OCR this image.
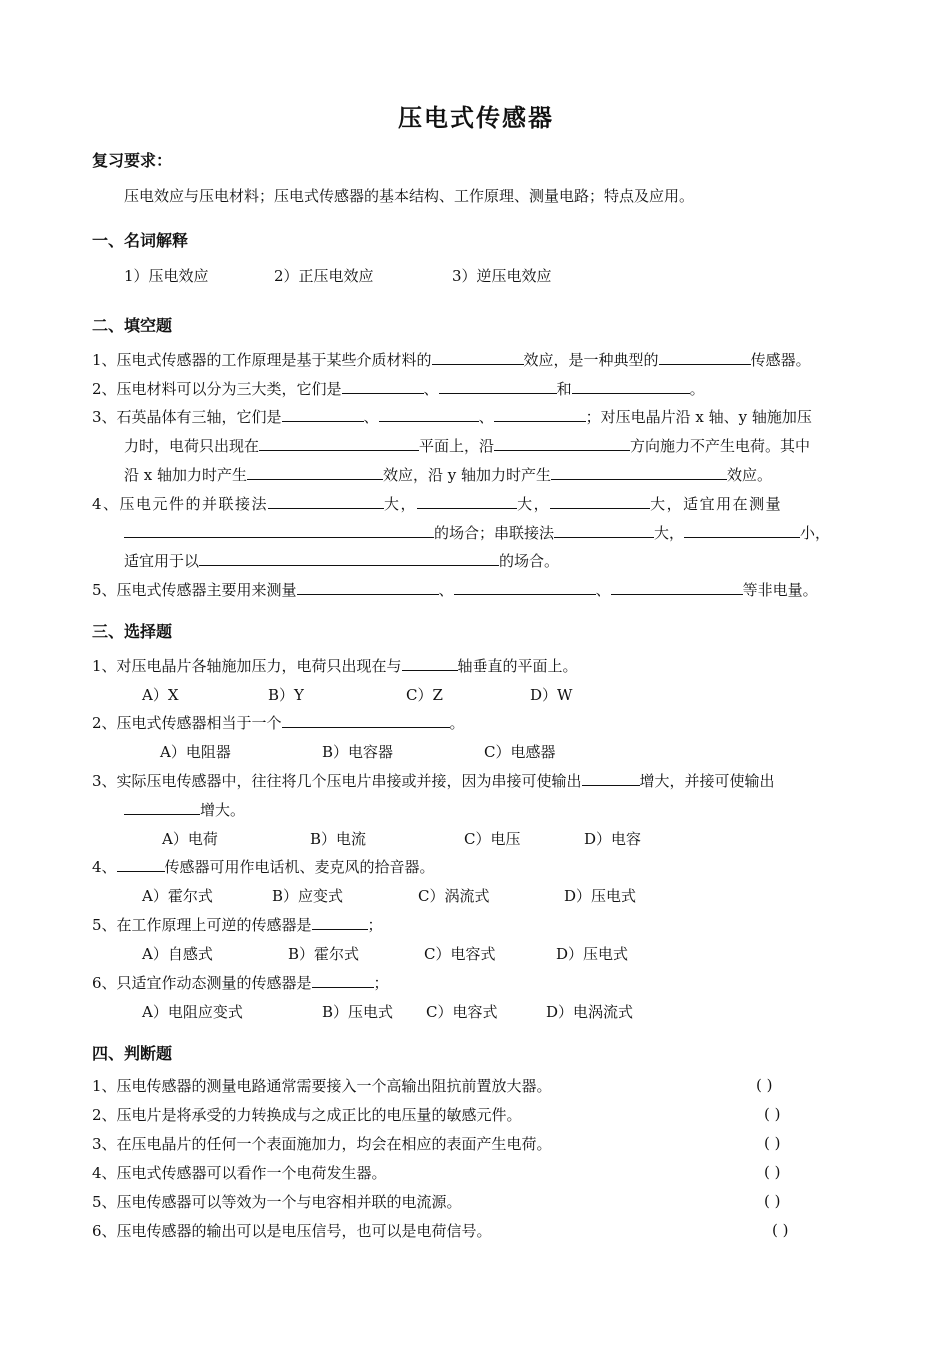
压电式传感器
复习要求：
压电效应与压电材料；压电式传感器的基本结构、工作原理、测量电路；特点及应用。
一、名词解释
1）压电效应	2）正压电效应	3）逆压电效应
二、填空题
1、压电式传感器的工作原理是基于某些介质材料的	效应，是一种典型的	传感器。
2、压电材料可以分为三大类，它们是	、	和	。
3、石英晶体有三轴，它们是	、	、	；对压电晶片沿 x 轴、y 轴施加压
力时，电荷只出现在	平面上，沿	方向施力不产生电荷。其中
沿 x 轴加力时产生	效应，沿 y 轴加力时产生	效应。
4、压电元件的并联接法	大，	大，	大，适宜用在测量
的场合；串联接法	大，	小，
适宜用于以	的场合。
5、压电式传感器主要用来测量	、	、	等非电量。
三、选择题
1、对压电晶片各轴施加压力，电荷只出现在与	轴垂直的平面上。
A）X	B）Y	C）Z	D）W
2、压电式传感器相当于一个	。
A）电阻器	B）电容器	C）电感器
3、实际压电传感器中，往往将几个压电片串接或并接，因为串接可使输出	增大，并接可使输出
增大。
A）电荷	B）电流	C）电压	D）电容
4、	传感器可用作电话机、麦克风的拾音器。
A）霍尔式	B）应变式	C）涡流式	D）压电式
5、在工作原理上可逆的传感器是	；
A）自感式	B）霍尔式	C）电容式	D）压电式
6、只适宜作动态测量的传感器是	；
A）电阻应变式	B）压电式 C）电容式	D）电涡流式
四、判断题
1、压电传感器的测量电路通常需要接入一个高输出阻抗前置放大器。	( )
2、压电片是将承受的力转换成与之成正比的电压量的敏感元件。	( )
3、在压电晶片的任何一个表面施加力，均会在相应的表面产生电荷。	( )
4、压电式传感器可以看作一个电荷发生器。	( )
5、压电传感器可以等效为一个与电容相并联的电流源。	( )
6、压电传感器的输出可以是电压信号，也可以是电荷信号。	( )
